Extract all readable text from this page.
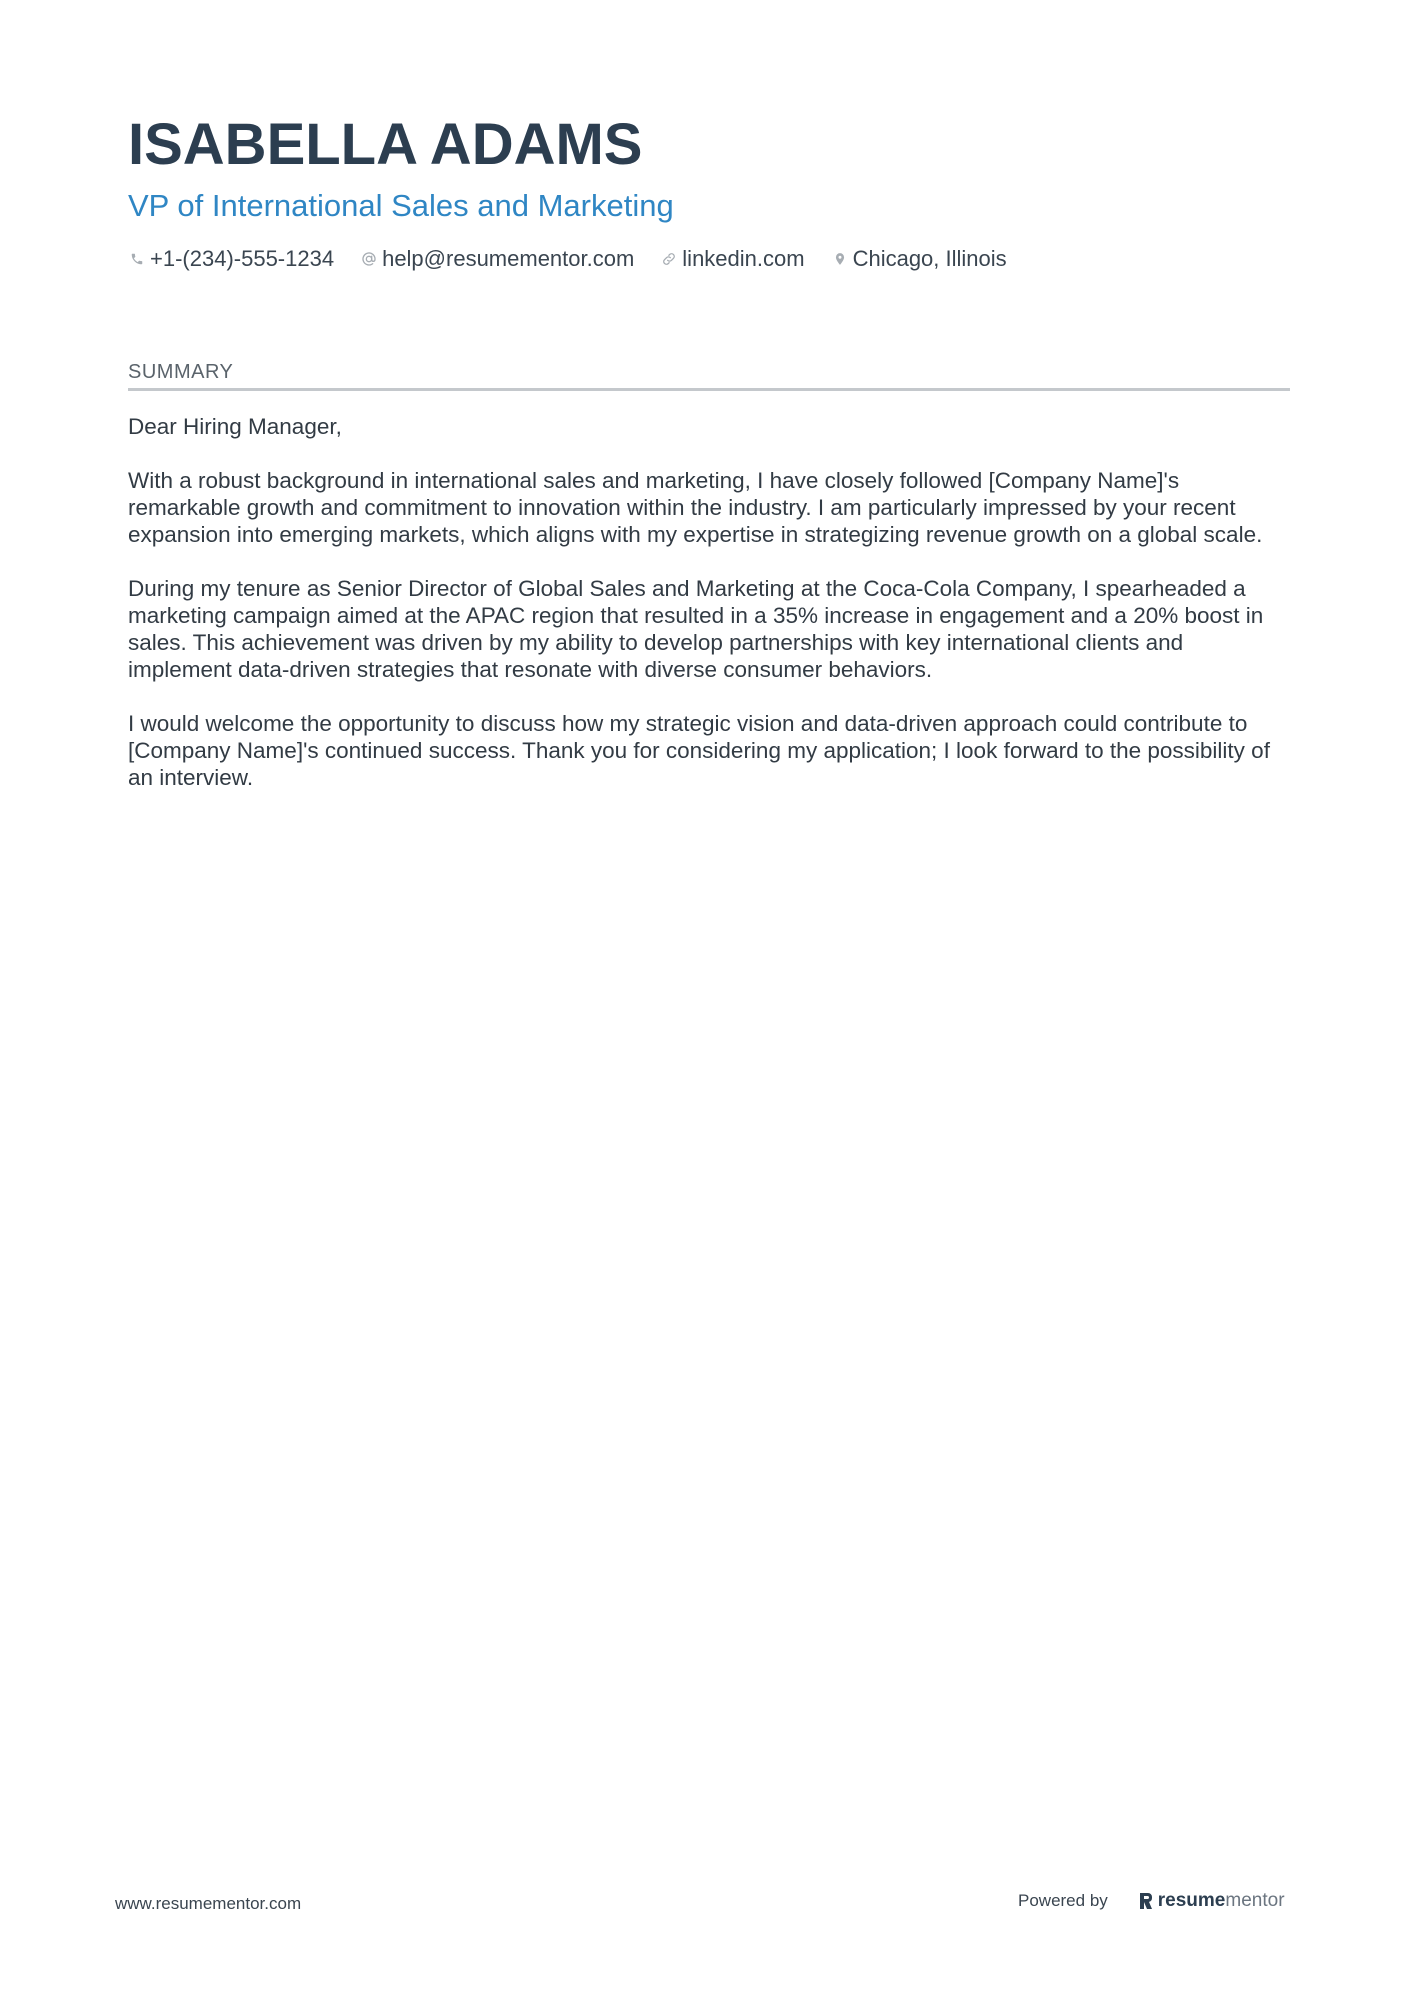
ISABELLA ADAMS
VP of International Sales and Marketing
+1-(234)-555-1234 help@resumementor.com linkedin.com Chicago, Illinois
SUMMARY

Dear Hiring Manager,

With a robust background in international sales and marketing, I have closely followed [Company Name]'s remarkable growth and commitment to innovation within the industry. I am particularly impressed by your recent expansion into emerging markets, which aligns with my expertise in strategizing revenue growth on a global scale.

During my tenure as Senior Director of Global Sales and Marketing at the Coca-Cola Company, I spearheaded a marketing campaign aimed at the APAC region that resulted in a 35% increase in engagement and a 20% boost in sales. This achievement was driven by my ability to develop partnerships with key international clients and implement data-driven strategies that resonate with diverse consumer behaviors.

I would welcome the opportunity to discuss how my strategic vision and data-driven approach could contribute to [Company Name]'s continued success. Thank you for considering my application; I look forward to the possibility of an interview.

www.resumementor.com	Powered by	resume mentor
